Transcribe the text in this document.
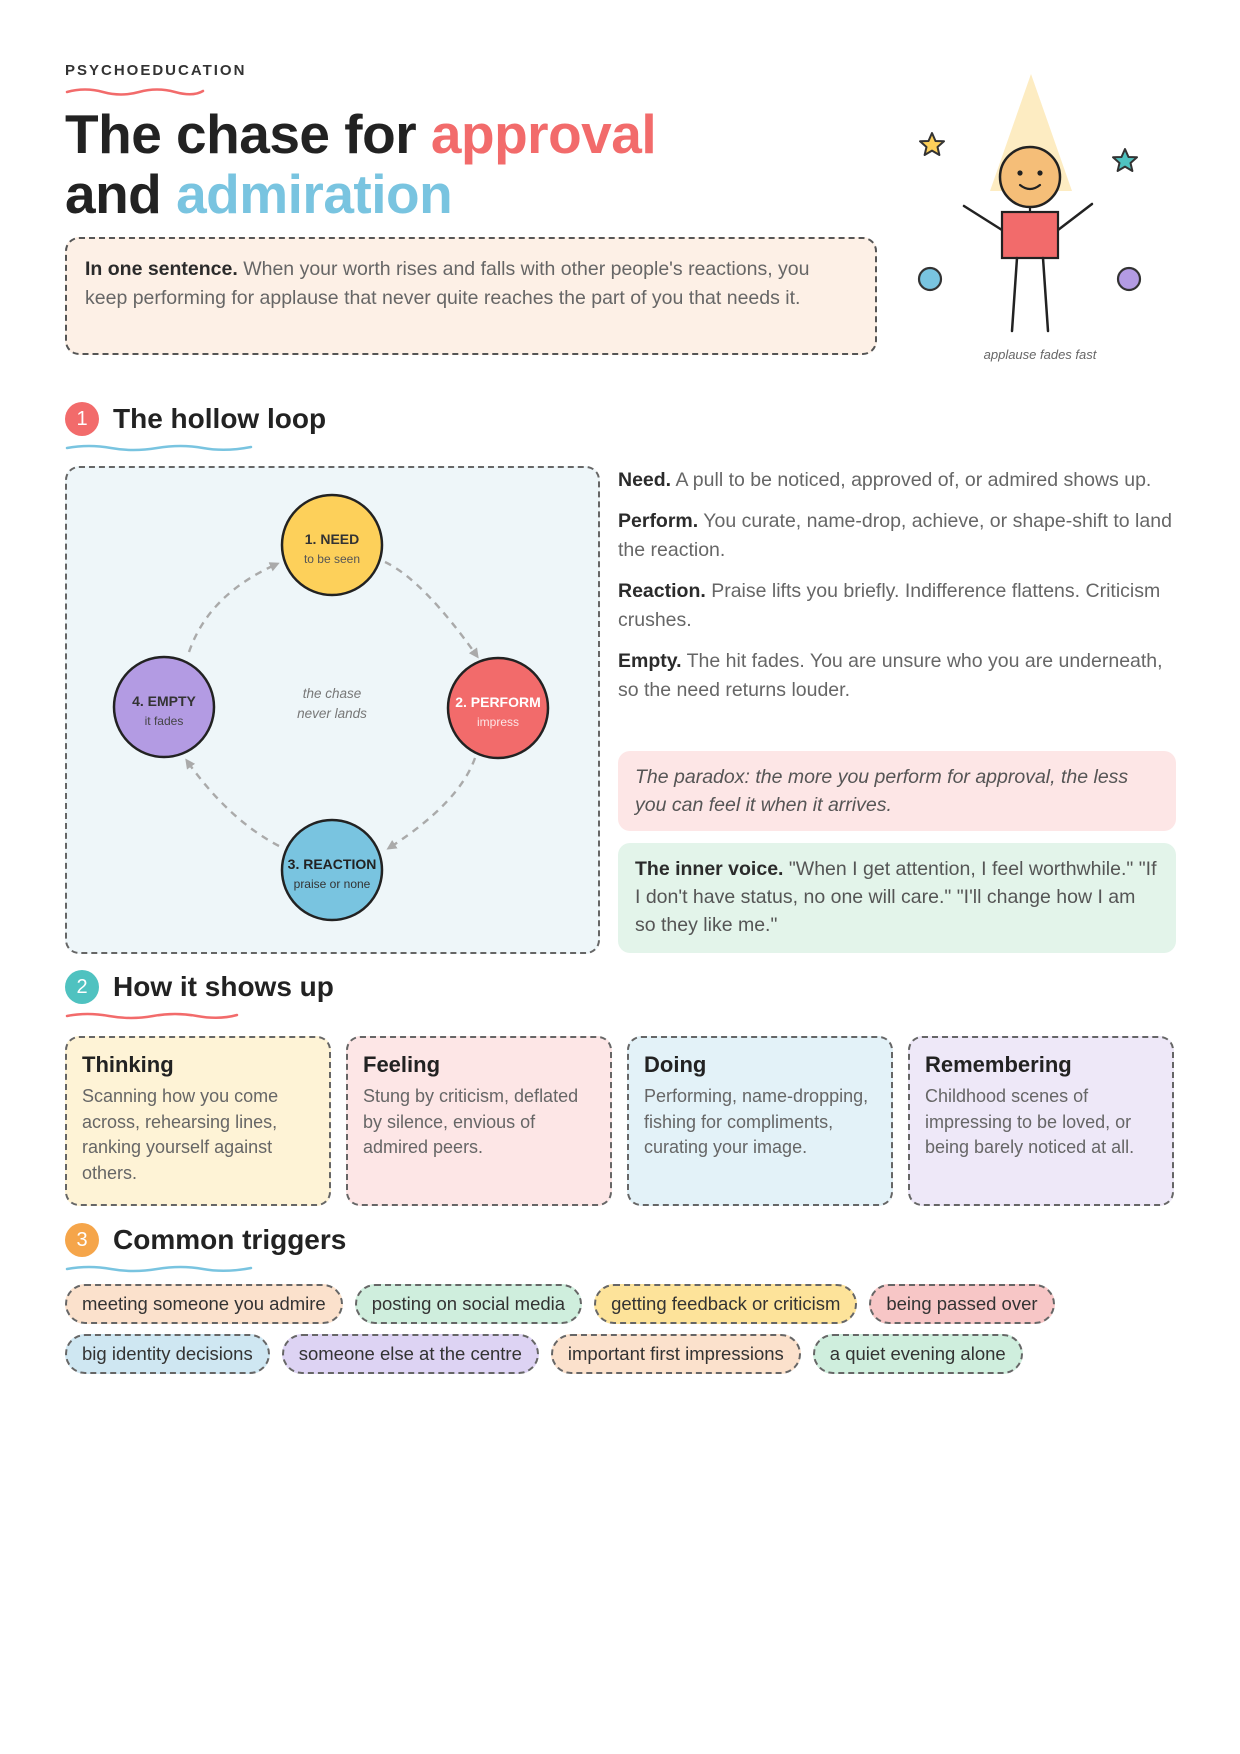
PSYCHOEDUCATION
The chase for approval
and admiration
In one sentence. When your worth rises and falls with other people's reactions, you keep performing for applause that never quite reaches the part of you that needs it.
applause fades fast
1 The hollow loop
1. NEED
to be seen
2. PERFORM
impress
3. REACTION
praise or none
4. EMPTY
it fades
the chase
never lands
Need. A pull to be noticed, approved of, or admired shows up.
Perform. You curate, name-drop, achieve, or shape-shift to land the reaction.
Reaction. Praise lifts you briefly. Indifference flattens. Criticism crushes.
Empty. The hit fades. You are unsure who you are underneath, so the need returns louder.
The paradox: the more you perform for approval, the less you can feel it when it arrives.
The inner voice. "When I get attention, I feel worthwhile." "If I don't have status, no one will care." "I'll change how I am so they like me."
2 How it shows up
Thinking

Scanning how you come across, rehearsing lines, ranking yourself against others.

Feeling

Stung by criticism, deflated by silence, envious of admired peers.

Doing

Performing, name-dropping, fishing for compliments, curating your image.

Remembering

Childhood scenes of impressing to be loved, or being barely noticed at all.

3 Common triggers
meeting someone you admire	posting on social media	getting feedback or criticism	being passed over
big identity decisions	someone else at the centre	important first impressions	a quiet evening alone
